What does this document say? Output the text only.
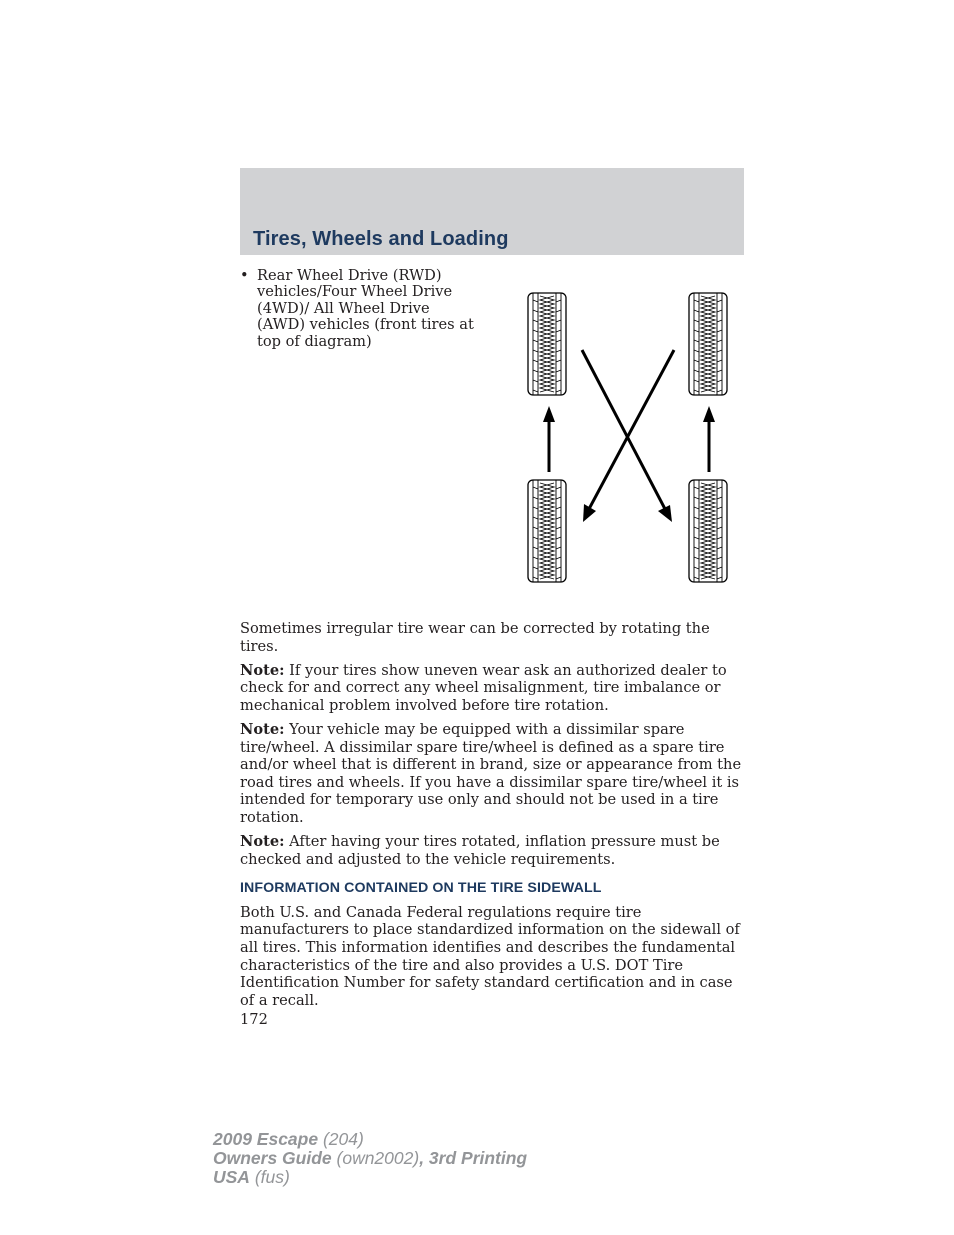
Tires, Wheels and Loading
• Rear Wheel Drive (RWD) vehicles/Four Wheel Drive (4WD)/ All Wheel Drive (AWD) vehicles (front tires at top of diagram)

Sometimes irregular tire wear can be corrected by rotating the tires.

Note: If your tires show uneven wear ask an authorized dealer to check for and correct any wheel misalignment, tire imbalance or mechanical problem involved before tire rotation.

Note: Your vehicle may be equipped with a dissimilar spare tire/wheel. A dissimilar spare tire/wheel is defined as a spare tire and/or wheel that is different in brand, size or appearance from the road tires and wheels. If you have a dissimilar spare tire/wheel it is intended for temporary use only and should not be used in a tire rotation.

Note: After having your tires rotated, inflation pressure must be checked and adjusted to the vehicle requirements.

INFORMATION CONTAINED ON THE TIRE SIDEWALL

Both U.S. and Canada Federal regulations require tire manufacturers to place standardized information on the sidewall of all tires. This information identifies and describes the fundamental characteristics of the tire and also provides a U.S. DOT Tire Identification Number for safety standard certification and in case of a recall.

172
2009 Escape (204)
Owners Guide (own2002), 3rd Printing
USA (fus)
